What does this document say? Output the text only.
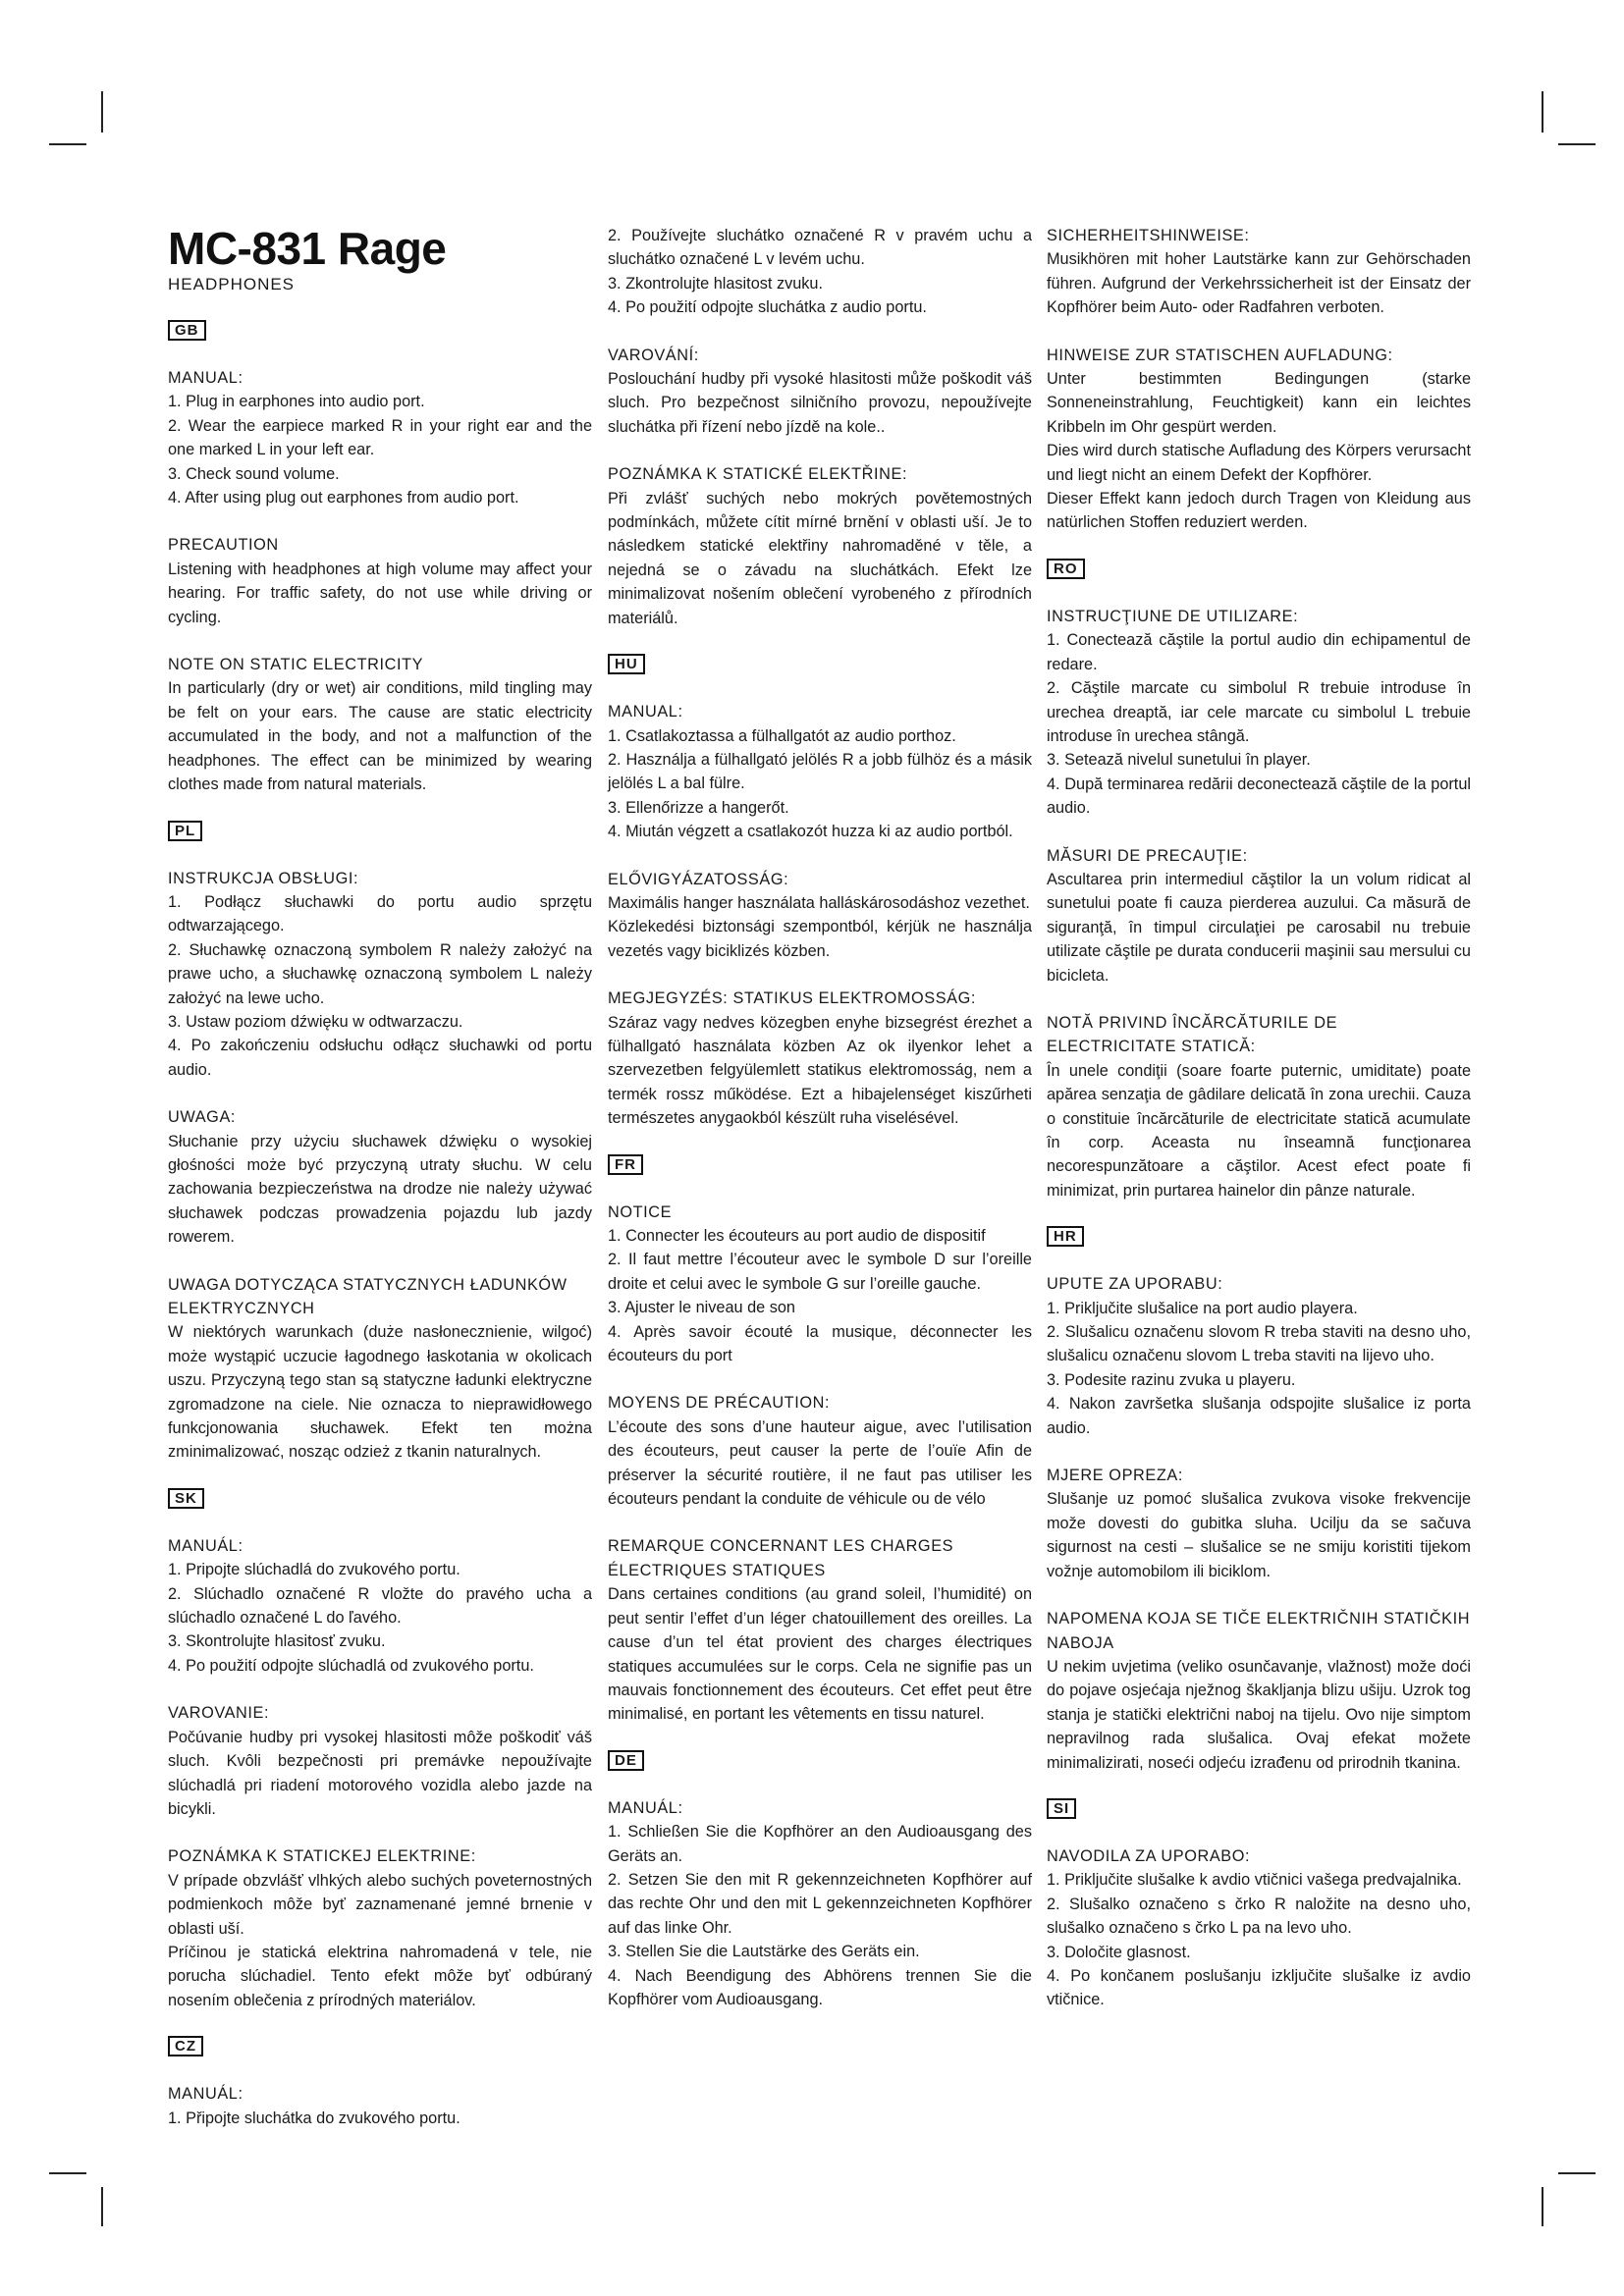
MC-831 Rage

HEADPHONES

GB

MANUAL:

1. Plug in earphones into audio port.

2. Wear the earpiece marked R in your right ear and the one marked L in your left ear.

3. Check sound volume.

4. After using plug out earphones from audio port.

PRECAUTION

Listening with headphones at high volume may affect your hearing. For traffic safety, do not use while driving or cycling.

NOTE ON STATIC ELECTRICITY

In particularly (dry or wet) air conditions, mild tingling may be felt on your ears. The cause are static electricity accumulated in the body, and not a malfunction of the headphones. The effect can be minimized by wearing clothes made from natural materials.

PL

INSTRUKCJA OBSŁUGI:

1. Podłącz słuchawki do portu audio sprzętu odtwarzającego.

2. Słuchawkę oznaczoną symbolem R należy założyć na prawe ucho, a słuchawkę oznaczoną symbolem L należy założyć na lewe ucho.

3. Ustaw poziom dźwięku w odtwarzaczu.

4. Po zakończeniu odsłuchu odłącz słuchawki od portu audio.

UWAGA:

Słuchanie przy użyciu słuchawek dźwięku o wysokiej głośności może być przyczyną utraty słuchu. W celu zachowania bezpieczeństwa na drodze nie należy używać słuchawek podczas prowadzenia pojazdu lub jazdy rowerem.

UWAGA DOTYCZĄCA STATYCZNYCH ŁADUNKÓW ELEKTRYCZNYCH

W niektórych warunkach (duże nasłonecznienie, wilgoć) może wystąpić uczucie łagodnego łaskotania w okolicach uszu. Przyczyną tego stan są statyczne ładunki elektryczne zgromadzone na ciele. Nie oznacza to nieprawidłowego funkcjonowania słuchawek. Efekt ten można zminimalizować, nosząc odzież z tkanin naturalnych.

SK

MANUÁL:

1. Pripojte slúchadlá do zvukového portu.

2. Slúchadlo označené R vložte do pravého ucha a slúchadlo označené L do ľavého.

3. Skontrolujte hlasitosť zvuku.

4. Po použití odpojte slúchadlá od zvukového portu.

VAROVANIE:

Počúvanie hudby pri vysokej hlasitosti môže poškodiť váš sluch. Kvôli bezpečnosti pri premávke nepoužívajte slúchadlá pri riadení motorového vozidla alebo jazde na bicykli.

POZNÁMKA K STATICKEJ ELEKTRINE:

V prípade obzvlášť vlhkých alebo suchých poveternostných podmienkoch môže byť zaznamenané jemné brnenie v oblasti uší.

Príčinou je statická elektrina nahromadená v tele, nie porucha slúchadiel. Tento efekt môže byť odbúraný nosením oblečenia z prírodných materiálov.

CZ

MANUÁL:

1. Připojte sluchátka do zvukového portu.

2. Používejte sluchátko označené R v pravém uchu a sluchátko označené L v levém uchu.

3. Zkontrolujte hlasitost zvuku.

4. Po použití odpojte sluchátka z audio portu.

VAROVÁNÍ:

Poslouchání hudby při vysoké hlasitosti může poškodit váš sluch. Pro bezpečnost silničního provozu, nepoužívejte sluchátka při řízení nebo jízdě na kole..

POZNÁMKA K STATICKÉ ELEKTŘINE:

Při zvlášť suchých nebo mokrých povětemostných podmínkách, můžete cítit mírné brnění v oblasti uší. Je to následkem statické elektřiny nahromaděné v těle, a nejedná se o závadu na sluchátkách. Efekt lze minimalizovat nošením oblečení vyrobeného z přírodních materiálů.

HU

MANUAL:

1. Csatlakoztassa a fülhallgatót az audio porthoz.

2. Használja a fülhallgató jelölés R a jobb fülhöz és a másik jelölés L a bal fülre.

3. Ellenőrizze a hangerőt.

4. Miután végzett a csatlakozót huzza ki az audio portból.

ELŐVIGYÁZATOSSÁG:

Maximális hanger használata halláskárosodáshoz vezethet.

Közlekedési biztonsági szempontból, kérjük ne használja vezetés vagy biciklizés közben.

MEGJEGYZÉS: STATIKUS ELEKTROMOSSÁG:

Száraz vagy nedves közegben enyhe bizsegrést érezhet a fülhallgató használata közben Az ok ilyenkor lehet a szervezetben felgyülemlett statikus elektromosság, nem a termék rossz működése. Ezt a hibajelenséget kiszűrheti természetes anygaokból készült ruha viselésével.

FR

NOTICE

1. Connecter les écouteurs au port audio de dispositif

2. Il faut mettre l’écouteur avec le symbole D sur l’oreille droite et celui avec le symbole G sur l’oreille gauche.

3. Ajuster le niveau de son

4. Après savoir écouté la musique, déconnecter les écouteurs du port

MOYENS DE PRÉCAUTION:

L’écoute des sons d’une hauteur aigue, avec l’utilisation des écouteurs, peut causer la perte de l’ouïe Afin de préserver la sécurité routière, il ne faut pas utiliser les écouteurs pendant la conduite de véhicule ou de vélo

REMARQUE CONCERNANT LES CHARGES ÉLECTRIQUES STATIQUES

Dans certaines conditions (au grand soleil, l’humidité) on peut sentir l’effet d’un léger chatouillement des oreilles. La cause d’un tel état provient des charges électriques statiques accumulées sur le corps. Cela ne signifie pas un mauvais fonctionnement des écouteurs. Cet effet peut être minimalisé, en portant les vêtements en tissu naturel.

DE

MANUÁL:

1. Schließen Sie die Kopfhörer an den Audioausgang des Geräts an.

2. Setzen Sie den mit R gekennzeichneten Kopfhörer auf das rechte Ohr und den mit L gekennzeichneten Kopfhörer auf das linke Ohr.

3. Stellen Sie die Lautstärke des Geräts ein.

4. Nach Beendigung des Abhörens trennen Sie die Kopfhörer vom Audioausgang.

SICHERHEITSHINWEISE:

Musikhören mit hoher Lautstärke kann zur Gehörschaden führen. Aufgrund der Verkehrssicherheit ist der Einsatz der Kopfhörer beim Auto- oder Radfahren verboten.

HINWEISE ZUR STATISCHEN AUFLADUNG:

Unter bestimmten Bedingungen (starke Sonneneinstrahlung, Feuchtigkeit) kann ein leichtes Kribbeln im Ohr gespürt werden.

Dies wird durch statische Aufladung des Körpers verursacht und liegt nicht an einem Defekt der Kopfhörer.

Dieser Effekt kann jedoch durch Tragen von Kleidung aus natürlichen Stoffen reduziert werden.

RO

INSTRUCŢIUNE DE UTILIZARE:

1. Conectează căştile la portul audio din echipamentul de redare.

2. Căştile marcate cu simbolul R trebuie introduse în urechea dreaptă, iar cele marcate cu simbolul L trebuie introduse în urechea stângă.

3. Setează nivelul sunetului în player.

4. După terminarea redării deconectează căştile de la portul audio.

MĂSURI DE PRECAUŢIE:

Ascultarea prin intermediul căştilor la un volum ridicat al sunetului poate fi cauza pierderea auzului. Ca măsură de siguranţă, în timpul circulaţiei pe carosabil nu trebuie utilizate căştile pe durata conducerii maşinii sau mersului cu bicicleta.

NOTĂ PRIVIND ÎNCĂRCĂTURILE DE ELECTRICITATE STATICĂ:

În unele condiţii (soare foarte puternic, umiditate) poate apărea senzaţia de gâdilare delicată în zona urechii. Cauza o constituie încărcăturile de electricitate statică acumulate în corp. Aceasta nu înseamnă funcţionarea necorespunzătoare a căştilor. Acest efect poate fi minimizat, prin purtarea hainelor din pânze naturale.

HR

UPUTE ZA UPORABU:

1. Priključite slušalice na port audio playera.

2. Slušalicu označenu slovom R treba staviti na desno uho, slušalicu označenu slovom L treba staviti na lijevo uho.

3. Podesite razinu zvuka u playeru.

4. Nakon završetka slušanja odspojite slušalice iz porta audio.

MJERE OPREZA:

Slušanje uz pomoć slušalica zvukova visoke frekvencije može dovesti do gubitka sluha. Ucilju da se sačuva sigurnost na cesti – slušalice se ne smiju koristiti tijekom vožnje automobilom ili biciklom.

NAPOMENA KOJA SE TIČE ELEKTRIČNIH STATIČKIH NABOJA

U nekim uvjetima (veliko osunčavanje, vlažnost) može doći do pojave osjećaja nježnog škakljanja blizu ušiju. Uzrok tog stanja je statički električni naboj na tijelu. Ovo nije simptom nepravilnog rada slušalica. Ovaj efekat možete minimalizirati, noseći odjeću izrađenu od prirodnih tkanina.

SI

NAVODILA ZA UPORABO:

1. Priključite slušalke k avdio vtičnici vašega predvajalnika.

2. Slušalko označeno s črko R naložite na desno uho, slušalko označeno s črko L pa na levo uho.

3. Določite glasnost.

4. Po končanem poslušanju izključite slušalke iz avdio vtičnice.
